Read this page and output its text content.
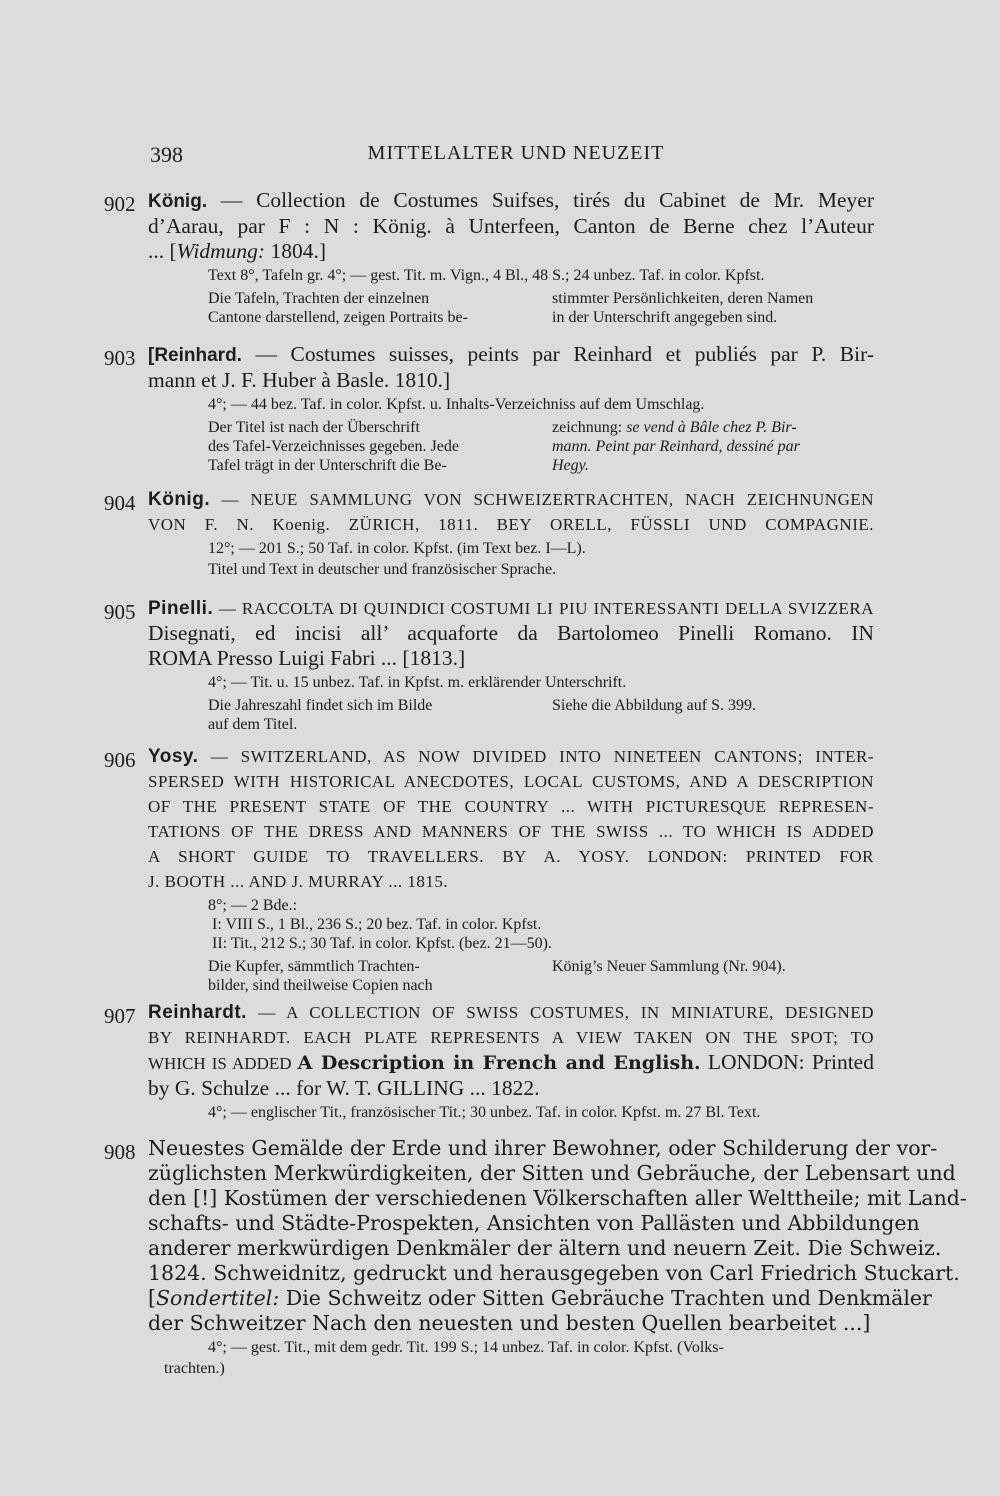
398	MITTELALTER UND NEUZEIT
902 König. — Collection de Costumes Suifses, tirés du Cabinet de Mr. Meyer
d’Aarau, par F : N : König. à Unterfeen, Canton de Berne chez l’Auteur
... [Widmung: 1804.]
Text 8°, Tafeln gr. 4°; — gest. Tit. m. Vign., 4 Bl., 48 S.; 24 unbez. Taf. in color. Kpfst.
Die Tafeln, Trachten der einzelnen
Cantone darstellend, zeigen Portraits be-
stimmter Persönlichkeiten, deren Namen
in der Unterschrift angegeben sind.
903 [Reinhard. — Costumes suisses, peints par Reinhard et publiés par P. Bir-
mann et J. F. Huber à Basle. 1810.]
4°; — 44 bez. Taf. in color. Kpfst. u. Inhalts-Verzeichniss auf dem Umschlag.
Der Titel ist nach der Überschrift
des Tafel-Verzeichnisses gegeben. Jede
Tafel trägt in der Unterschrift die Be-
zeichnung: se vend à Bâle chez P. Bir-
mann. Peint par Reinhard, dessiné par
Hegy.
904 König. — NEUE SAMMLUNG VON SCHWEIZERTRACHTEN, NACH ZEICHNUNGEN
VON F. N. Koenig. ZÜRICH, 1811. BEY ORELL, FÜSSLI UND COMPAGNIE.
12°; — 201 S.; 50 Taf. in color. Kpfst. (im Text bez. I—L).
Titel und Text in deutscher und französischer Sprache.
905 Pinelli. — RACCOLTA DI QUINDICI COSTUMI LI PIU INTERESSANTI DELLA SVIZZERA
Disegnati, ed incisi all’ acquaforte da Bartolomeo Pinelli Romano. IN
ROMA Presso Luigi Fabri ... [1813.]
4°; — Tit. u. 15 unbez. Taf. in Kpfst. m. erklärender Unterschrift.
Die Jahreszahl findet sich im Bilde
auf dem Titel.
Siehe die Abbildung auf S. 399.
906 Yosy. — SWITZERLAND, AS NOW DIVIDED INTO NINETEEN CANTONS; INTER-
SPERSED WITH HISTORICAL ANECDOTES, LOCAL CUSTOMS, AND A DESCRIPTION
OF THE PRESENT STATE OF THE COUNTRY ... WITH PICTURESQUE REPRESEN-
TATIONS OF THE DRESS AND MANNERS OF THE SWISS ... TO WHICH IS ADDED
A SHORT GUIDE TO TRAVELLERS. BY A. YOSY. LONDON: PRINTED FOR
J. BOOTH ... AND J. MURRAY ... 1815.
8°; — 2 Bde.:
I: VIII S., 1 Bl., 236 S.; 20 bez. Taf. in color. Kpfst.
II: Tit., 212 S.; 30 Taf. in color. Kpfst. (bez. 21—50).
Die Kupfer, sämmtlich Trachten-
bilder, sind theilweise Copien nach
König’s Neuer Sammlung (Nr. 904).
907 Reinhardt. — A COLLECTION OF SWISS COSTUMES, IN MINIATURE, DESIGNED
BY REINHARDT. EACH PLATE REPRESENTS A VIEW TAKEN ON THE SPOT; TO
WHICH IS ADDED A Description in French and English. LONDON: Printed
by G. Schulze ... for W. T. GILLING ... 1822.
4°; — englischer Tit., französischer Tit.; 30 unbez. Taf. in color. Kpfst. m. 27 Bl. Text.
908 Neuestes Gemälde der Erde und ihrer Bewohner, oder Schilderung der vor-
züglichsten Merkwürdigkeiten, der Sitten und Gebräuche, der Lebensart und
den [!] Kostümen der verschiedenen Völkerschaften aller Welttheile; mit Land-
schafts- und Städte-Prospekten, Ansichten von Pallästen und Abbildungen
anderer merkwürdigen Denkmäler der ältern und neuern Zeit. Die Schweiz.
1824. Schweidnitz, gedruckt und herausgegeben von Carl Friedrich Stuckart.
[Sondertitel: Die Schweitz oder Sitten Gebräuche Trachten und Denkmäler
der Schweitzer Nach den neuesten und besten Quellen bearbeitet ...]
4°; — gest. Tit., mit dem gedr. Tit. 199 S.; 14 unbez. Taf. in color. Kpfst. (Volks-
trachten.)
